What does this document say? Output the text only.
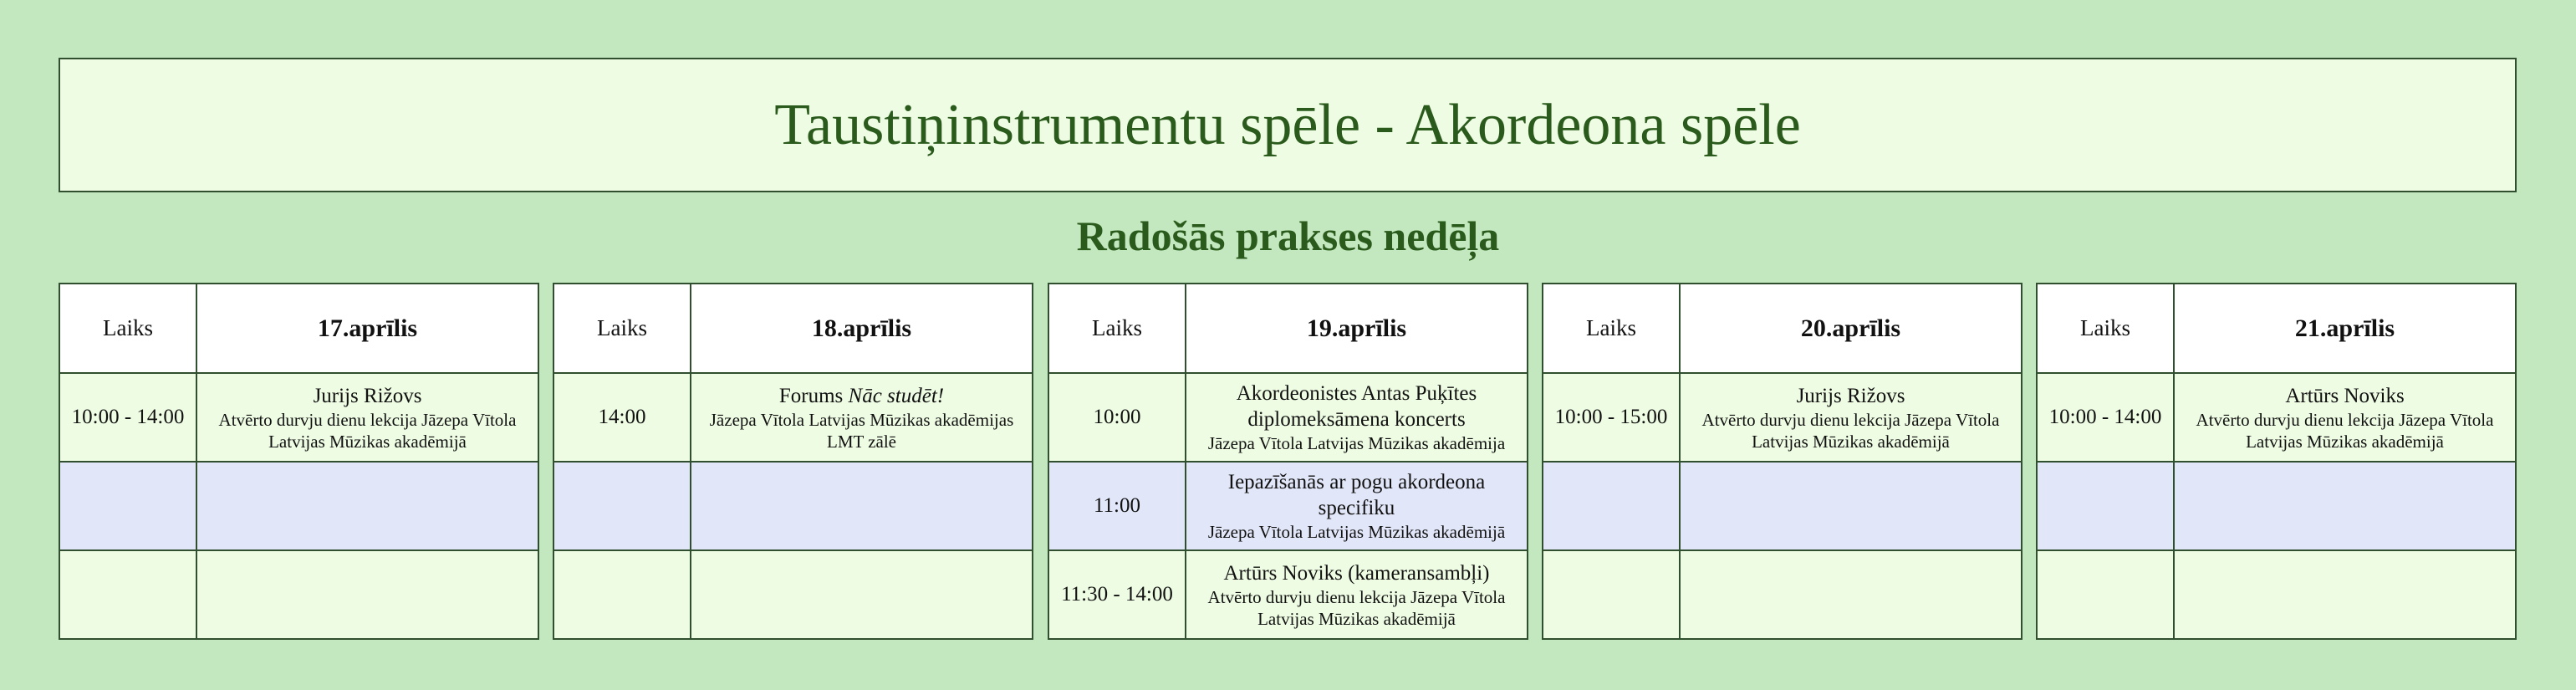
Taustiņinstrumentu spēle - Akordeona spēle
Radošās prakses nedēļa
Laiks	17.aprīlis
10:00 - 14:00	Jurijs Rižovs
Atvērto durvju dienu lekcija Jāzepa Vītola Latvijas Mūzikas akadēmijā

Laiks	18.aprīlis
14:00	Forums Nāc studēt!
Jāzepa Vītola Latvijas Mūzikas akadēmijas LMT zālē

Laiks	19.aprīlis
10:00	Akordeonistes Antas Puķītes diplomeksāmena koncerts
Jāzepa Vītola Latvijas Mūzikas akadēmija

11:00	Iepazīšanās ar pogu akordeona specifiku
Jāzepa Vītola Latvijas Mūzikas akadēmijā

11:30 - 14:00	Artūrs Noviks (kameransambļi)
Atvērto durvju dienu lekcija Jāzepa Vītola Latvijas Mūzikas akadēmijā
Laiks	20.aprīlis
10:00 - 15:00	Jurijs Rižovs
Atvērto durvju dienu lekcija Jāzepa Vītola Latvijas Mūzikas akadēmijā

Laiks	21.aprīlis
10:00 - 14:00	Artūrs Noviks
Atvērto durvju dienu lekcija Jāzepa Vītola Latvijas Mūzikas akadēmijā
